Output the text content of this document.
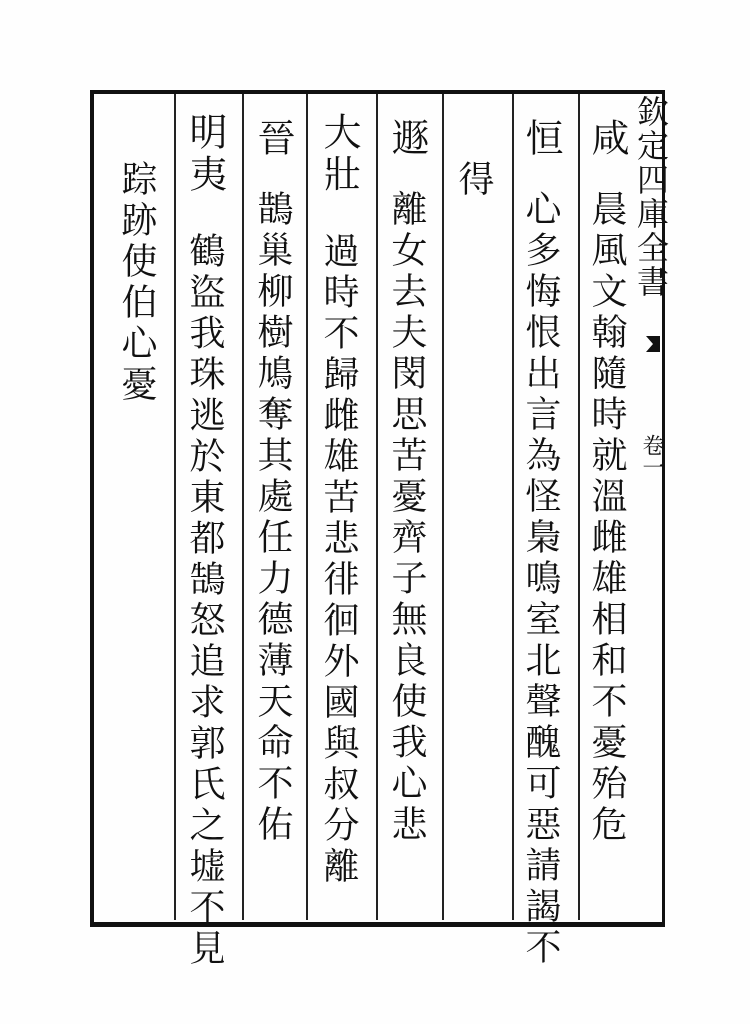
欽定四庫全書
卷一
咸
晨風文翰隨時就溫雌雄相和不憂殆危
恒
心多悔恨出言為怪梟鳴室北聲醜可惡請謁不
得
遯
離女去夫閔思苦憂齊子無良使我心悲
大壯
過時不歸雌雄苦悲徘徊外國與叔分離
晉
鵲巢柳樹鳩奪其處任力德薄天命不佑
明夷
鶴盜我珠逃於東都鵠怒追求郭氏之墟不見
踪跡使伯心憂
